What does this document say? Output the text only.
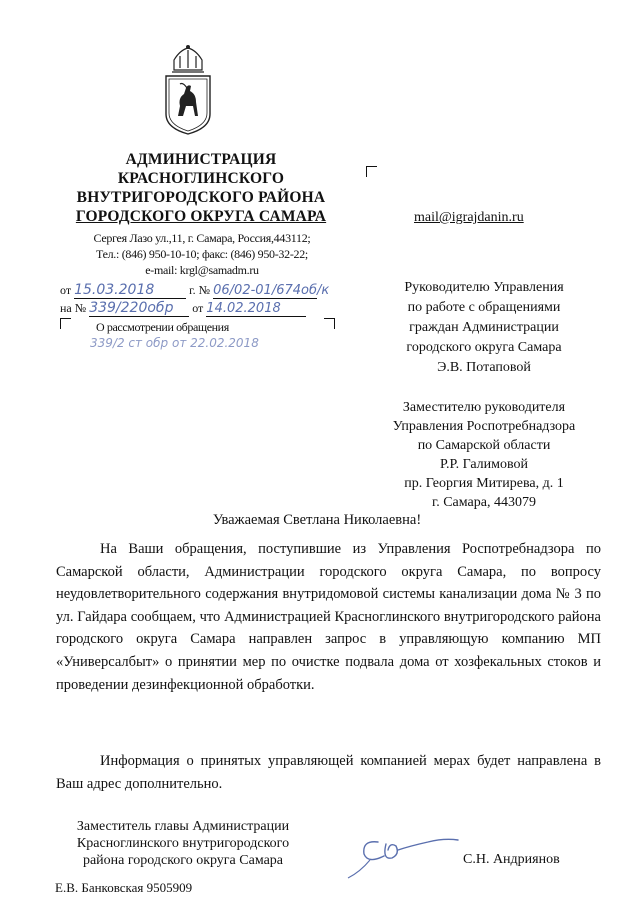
АДМИНИСТРАЦИЯ
КРАСНОГЛИНСКОГО
ВНУТРИГОРОДСКОГО РАЙОНА
ГОРОДСКОГО ОКРУГА САМАРА
Сергея Лазо ул.,11, г. Самара, Россия,443112;
Тел.: (846) 950-10-10; факс: (846) 950-32-22;
e-mail: krgl@samadm.ru
от 15.03.2018	г. № 06/02-01/674об/к
на № 339/220обр от 14.02.2018
О рассмотрении обращения
339/2 ст обр от 22.02.2018
mail@igrajdanin.ru
Руководителю Управления
по работе с обращениями
граждан Администрации
городского округа Самара
Э.В. Потаповой
Заместителю руководителя
Управления Роспотребнадзора
по Самарской области
Р.Р. Галимовой
пр. Георгия Митирева, д. 1
г. Самара, 443079
Уважаемая Светлана Николаевна!

На Ваши обращения, поступившие из Управления Роспотребнадзора по Самарской области, Администрации городского округа Самара, по вопросу неудовлетворительного содержания внутридомовой системы канализации дома № 3 по ул. Гайдара сообщаем, что Администрацией Красноглинского внутригородского района городского округа Самара направлен запрос в управляющую компанию МП «Универсалбыт» о принятии мер по очистке подвала дома от хозфекальных стоков и проведении дезинфекционной обработки.

Информация о принятых управляющей компанией мерах будет направлена в Ваш адрес дополнительно.

Заместитель главы Администрации
Красноглинского внутригородского
района городского округа Самара	С.Н. Андриянов
Е.В. Банковская 9505909
